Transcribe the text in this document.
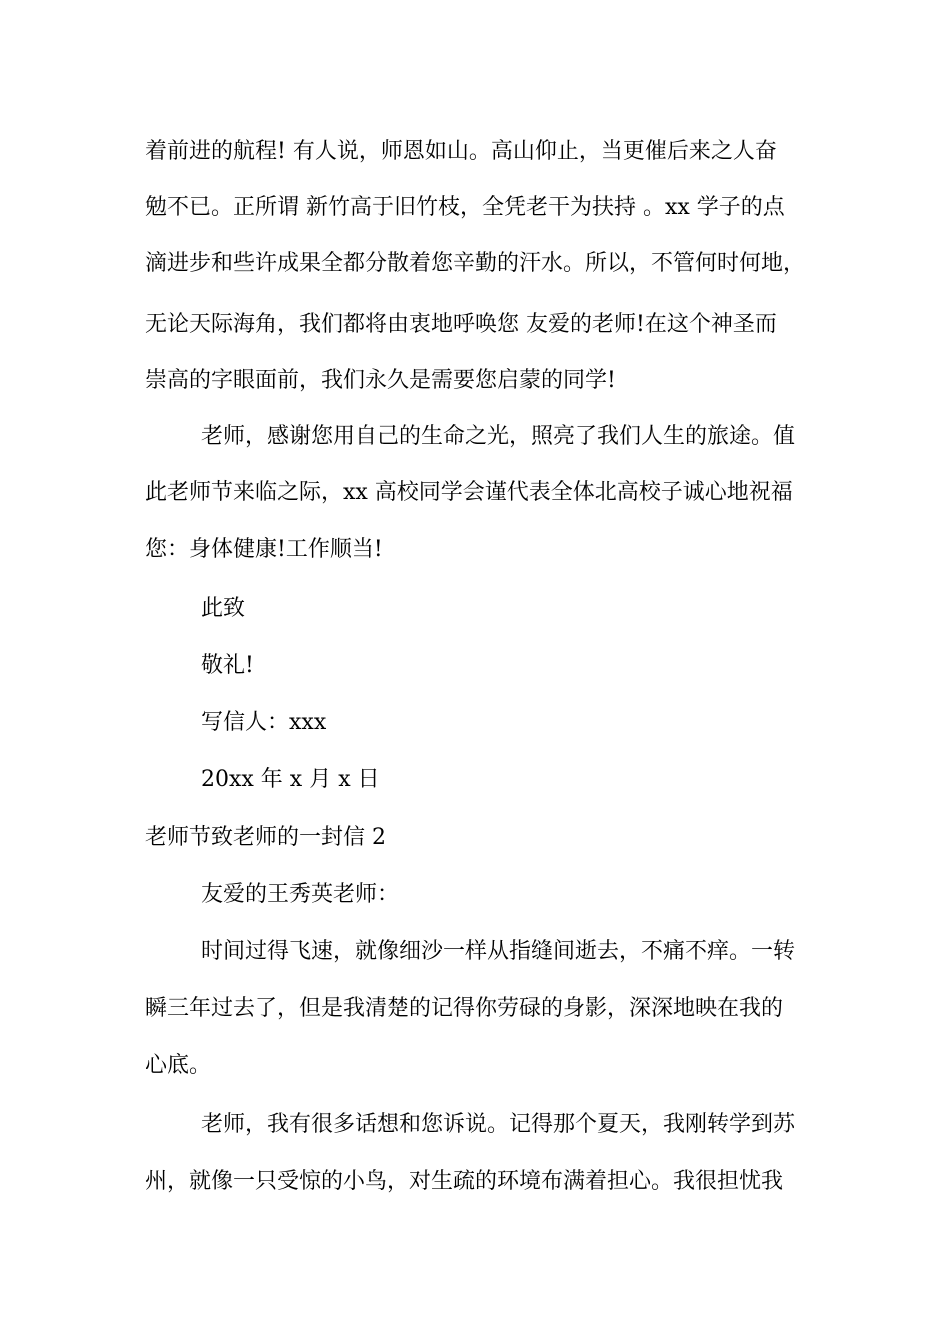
着前进的航程! 有人说，师恩如山。高山仰止，当更催后来之人奋
勉不已。正所谓 新竹高于旧竹枝，全凭老干为扶持 。xx 学子的点
滴进步和些许成果全都分散着您辛勤的汗水。所以，不管何时何地，
无论天际海角，我们都将由衷地呼唤您 友爱的老师!在这个神圣而
崇高的字眼面前，我们永久是需要您启蒙的同学!
老师，感谢您用自己的生命之光，照亮了我们人生的旅途。值
此老师节来临之际，xx 高校同学会谨代表全体北高校子诚心地祝福
您：身体健康!工作顺当!
此致
敬礼!
写信人：xxx
20xx 年 x 月 x 日
老师节致老师的一封信 2
友爱的王秀英老师：
时间过得飞速，就像细沙一样从指缝间逝去，不痛不痒。一转
瞬三年过去了，但是我清楚的记得你劳碌的身影，深深地映在我的
心底。
老师，我有很多话想和您诉说。记得那个夏天，我刚转学到苏
州，就像一只受惊的小鸟，对生疏的环境布满着担心。我很担忧我
